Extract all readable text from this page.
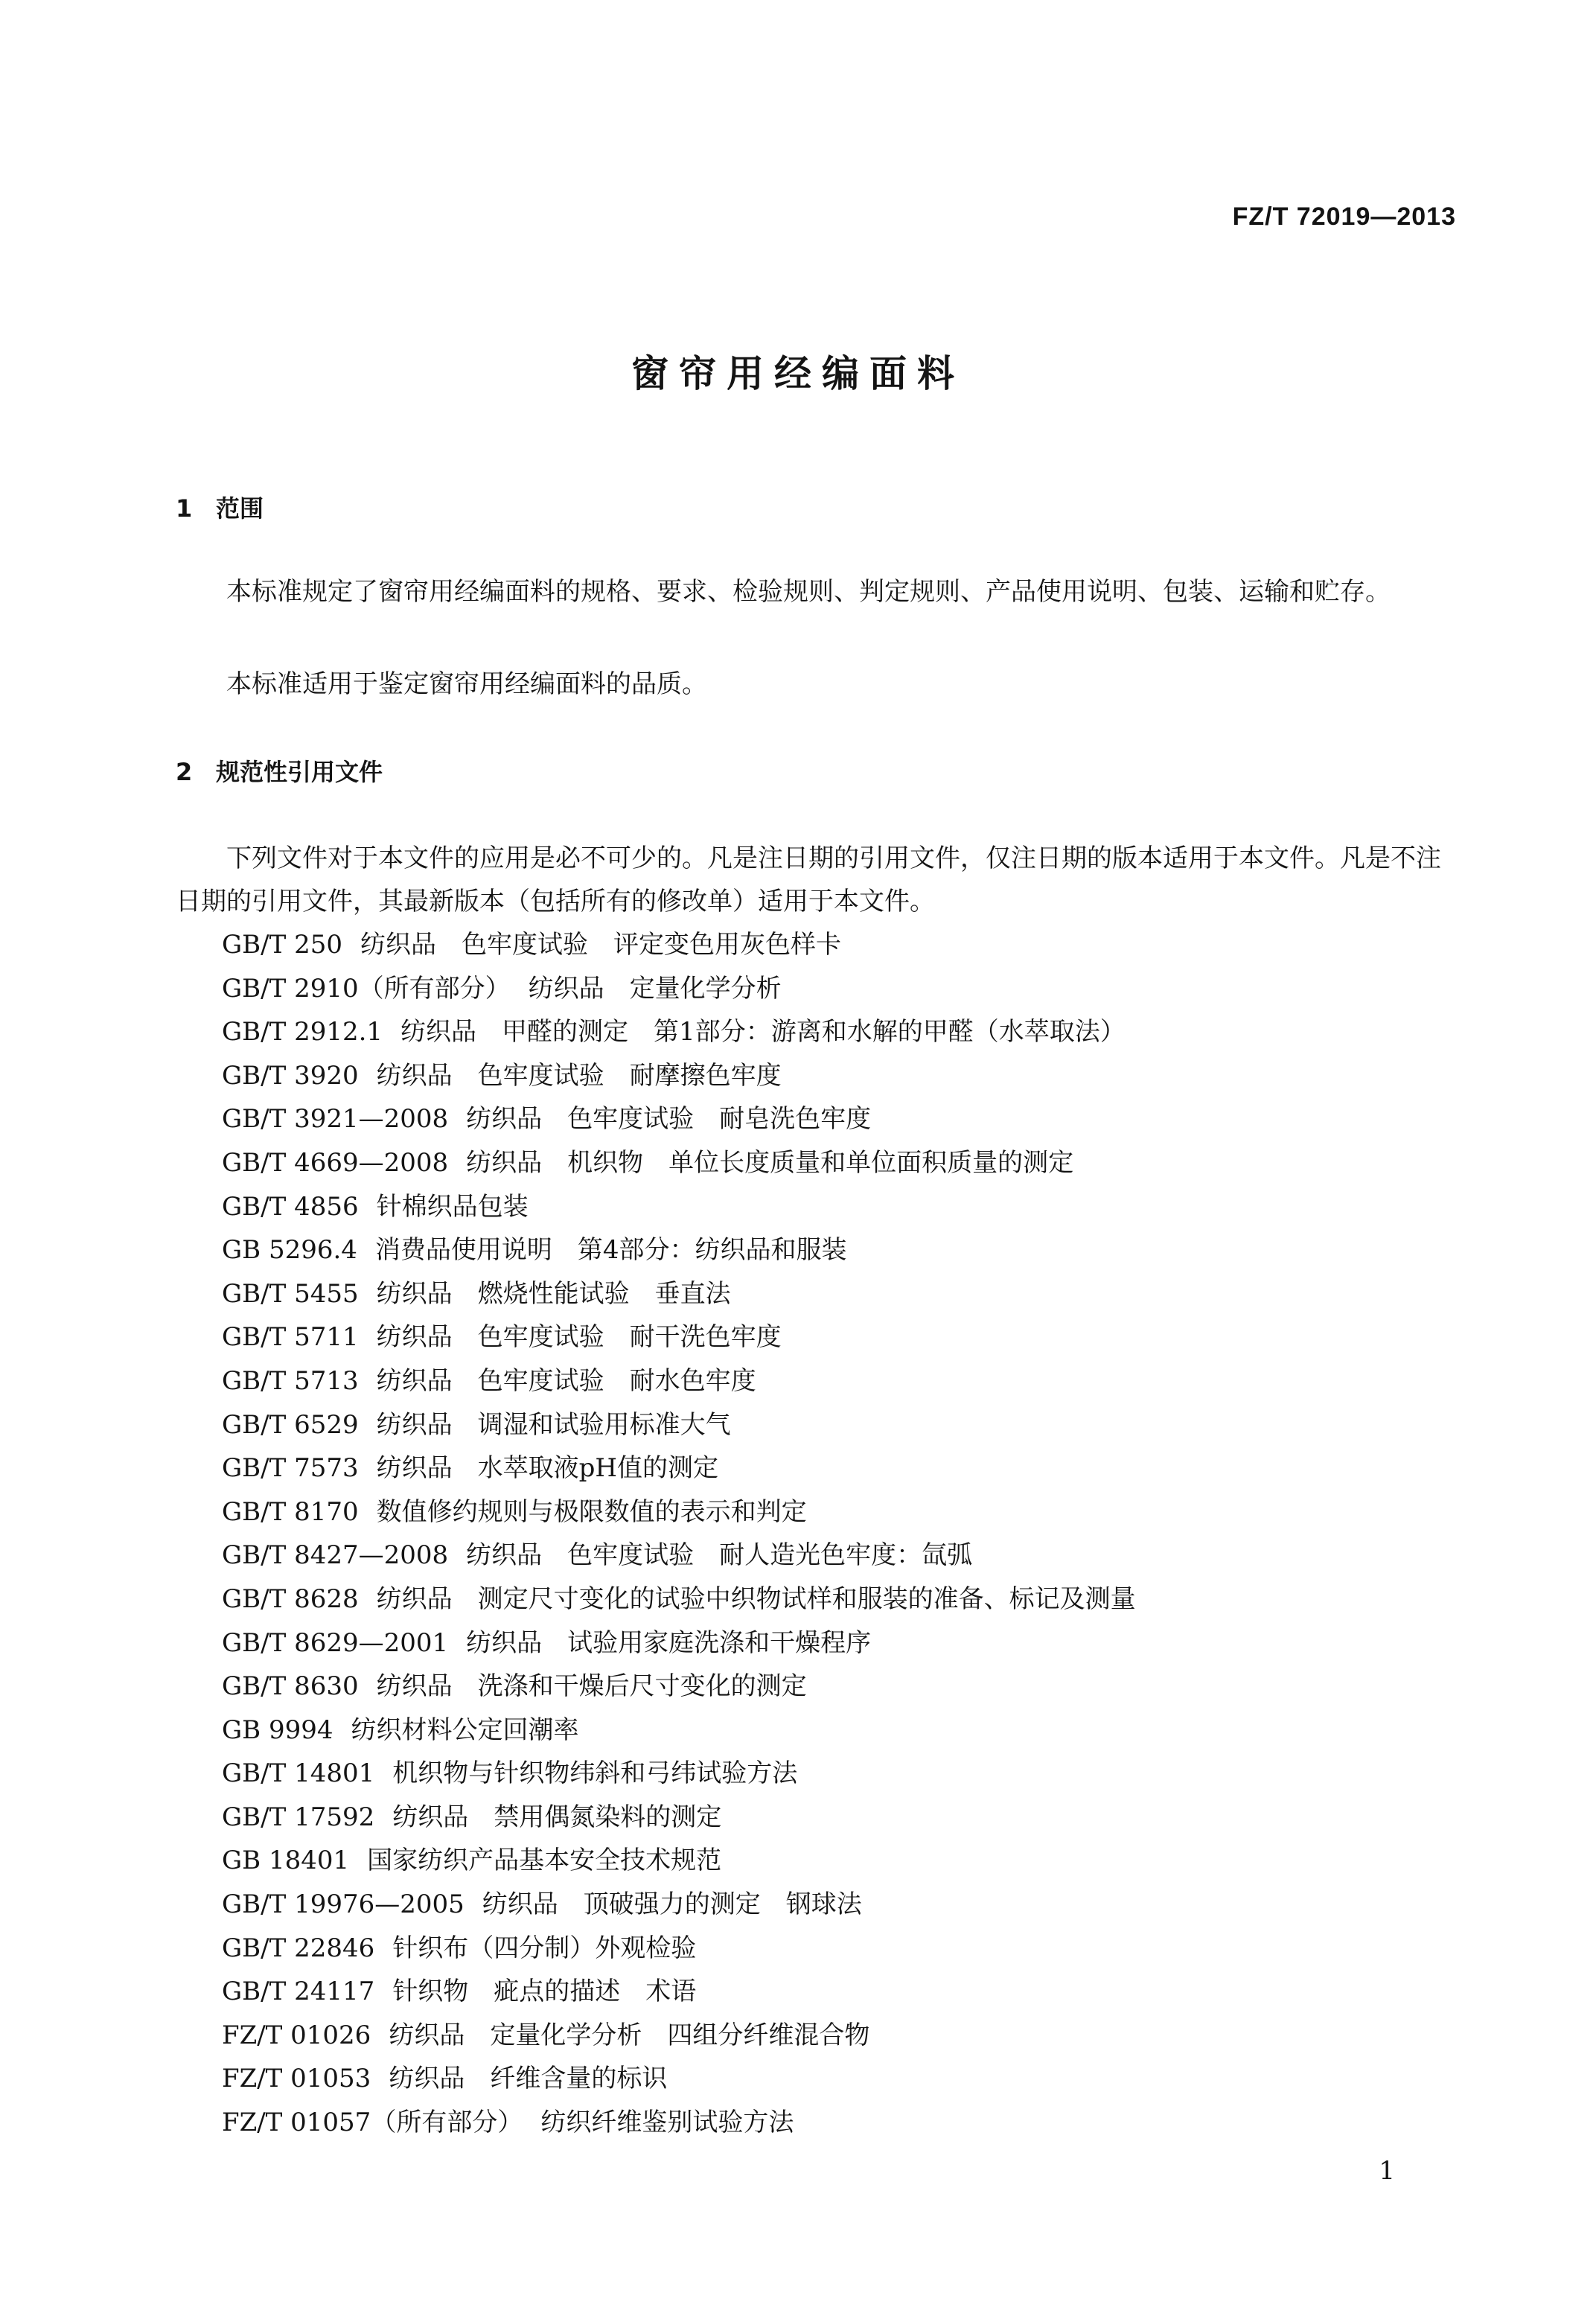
FZ/T 72019—2013
窗帘用经编面料
1 范围

本标准规定了窗帘用经编面料的规格、要求、检验规则、判定规则、产品使用说明、包装、运输和贮存。

本标准适用于鉴定窗帘用经编面料的品质。

2 规范性引用文件

下列文件对于本文件的应用是必不可少的。凡是注日期的引用文件，仅注日期的版本适用于本文件。凡是不注日期的引用文件，其最新版本（包括所有的修改单）适用于本文件。

GB/T 250 纺织品　色牢度试验　评定变色用灰色样卡
GB/T 2910（所有部分） 纺织品　定量化学分析
GB/T 2912.1 纺织品　甲醛的测定　第1部分：游离和水解的甲醛（水萃取法）
GB/T 3920 纺织品　色牢度试验　耐摩擦色牢度
GB/T 3921—2008 纺织品　色牢度试验　耐皂洗色牢度
GB/T 4669—2008 纺织品　机织物　单位长度质量和单位面积质量的测定
GB/T 4856 针棉织品包装
GB 5296.4 消费品使用说明　第4部分：纺织品和服装
GB/T 5455 纺织品　燃烧性能试验　垂直法
GB/T 5711 纺织品　色牢度试验　耐干洗色牢度
GB/T 5713 纺织品　色牢度试验　耐水色牢度
GB/T 6529 纺织品　调湿和试验用标准大气
GB/T 7573 纺织品　水萃取液pH值的测定
GB/T 8170 数值修约规则与极限数值的表示和判定
GB/T 8427—2008 纺织品　色牢度试验　耐人造光色牢度：氙弧
GB/T 8628 纺织品　测定尺寸变化的试验中织物试样和服装的准备、标记及测量
GB/T 8629—2001 纺织品　试验用家庭洗涤和干燥程序
GB/T 8630 纺织品　洗涤和干燥后尺寸变化的测定
GB 9994 纺织材料公定回潮率
GB/T 14801 机织物与针织物纬斜和弓纬试验方法
GB/T 17592 纺织品　禁用偶氮染料的测定
GB 18401 国家纺织产品基本安全技术规范
GB/T 19976—2005 纺织品　顶破强力的测定　钢球法
GB/T 22846 针织布（四分制）外观检验
GB/T 24117 针织物　疵点的描述　术语
FZ/T 01026 纺织品　定量化学分析　四组分纤维混合物
FZ/T 01053 纺织品　纤维含量的标识
FZ/T 01057（所有部分） 纺织纤维鉴别试验方法
1
